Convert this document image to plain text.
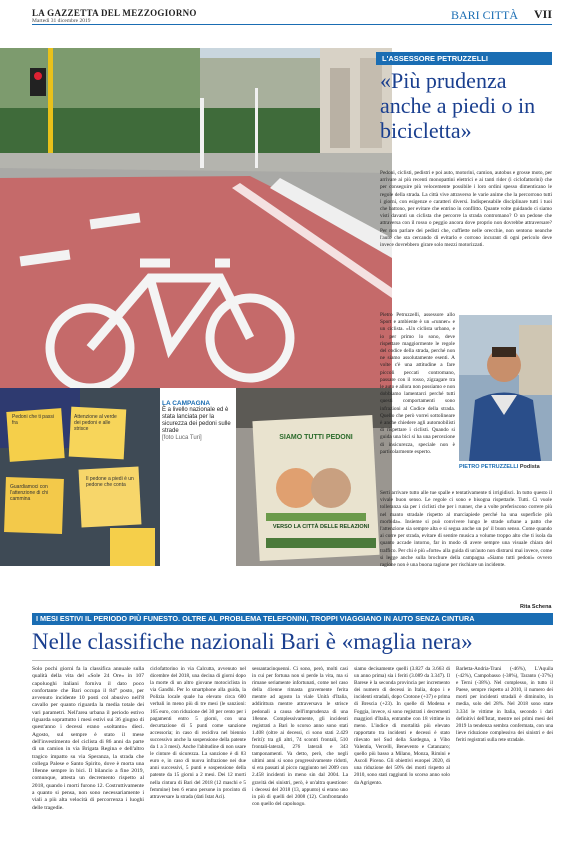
LA GAZZETTA DEL MEZZOGIORNO
Martedì 31 dicembre 2019	BARI CITTÀ VII
Pedoni che ti passi fra
Attenzione al verde dei pedoni e alle strisce
Guardiamoci con l'attenzione di chi cammina
Il pedone a piedi è un pedone che conta
LA CAMPAGNA
È a livello nazionale ed è stata lanciata per la sicurezza dei pedoni sulle strade
[foto Luca Turi]	SIAMO TUTTI PEDONI
VERSO LA CITTÀ DELLE RELAZIONI
L'ASSESSORE PETRUZZELLI
«Più prudenza anche a piedi o in bicicletta»
Pedoni, ciclisti, pedistri e poi auto, motorini, camion, autobus e grosse moto, per arrivare ai più recenti monopattini elettrici e ai tanti rider (i ciclofattorini) che per conseguire più velocemente possibile i loro ordini spesso dimenticano le regole della strada. La città vive attraverso le varie anime che la percorrono tutti i giorni, con esigenze e caratteri diversi. Indispensabile disciplinare tutti i tuoi che battono, per evitare che entrino in conflitto. Quante volte guidando ci siamo visti davanti un ciclista che percorre la strada contromano? O un pedone che attraversa con il rosso o peggio ancora dove proprio non dovrebbe attraversare? Per non parlare dei pedisti che, cuffiette nelle orecchie, non sentono neanche l'auto che sta cercando di evitarlo e corrono incurant di ogni pericolo deve invece dovrebbero girare solo mezzi motorizzati.
Pietro Petruzzelli, assessore allo Sport e ambiente è un «runner» e un ciclista. «Un ciclista urbano, e io per primo lo sono, deve rispettare maggiormente le regole del codice della strada, perché non ne siamo assolutamente esenti. A volte c'è una attitudine a fare piccoli peccati contromano, passare con il rosso, zigzagare tra le auto e allora non possiamo e non dobbiamo lamentarci perché tutti questi comportamenti sono infrazioni al Codice della strada. Quello che però vorrei sottolineare è anche chiedere agli automobilisti di rispettare i ciclisti. Quando si guida una bici si ha una percezione di insicurezza, speciale non è particolarmente esperto.
PIETRO PETRUZZELLI Podista
Serti arrivare tutto alle tue spalle e tentativamente ti irrigidisci. In tutto questo il vivale buon senso. Le regole ci sono e bisogna rispettarle. Tutti. Ci vuole tolleranza sia per i ciclisti che per i runner, che a volte preferiscono correre più nel manto stradale rispetto al marciapiede perché ha una superficie più morbida». Insieme si può convivere lungo le strade urbane a patto che l'attenzione sia sempre alta e si segua anche un po' il buon senso. Come quando ai corre per strada, evitare di sentire musica a volume troppo alto che ti isola da quanto accade intorno, far in modo di avere sempre una visuale chiara del traffico. Per chi è più «forte» alla guida di un'auto non distrarsi mai invece, come si legge anche sulla brochure della campagna «Siamo tutti pedoni» ovvero ragione non è una buona ragione per rischiare un incidente.
Rita Schena
I MESI ESTIVI IL PERIODO PIÙ FUNESTO. OLTRE AL PROBLEMA TELEFONINI, TROPPI VIAGGIANO IN AUTO SENZA CINTURA
Nelle classifiche nazionali Bari è «maglia nera»
Solo pochi giorni fa la classifica annuale sulla qualità della vita del «Sole 24 Ore» in 107 capoluoghi italiani forniva il dato poco confortante che Bari occupa il 84° posto, per avvenuto incidente 10 posti col abusivo nell'8 cavallo per quanto riguarda la media totale dei vari parametri. Nell'area urbana il periodo estivo riguarda soprattutto i mesi estivi sui 36 giugno di quest'anno i decessi erano «soltanto» dieci. Agosto, sul sempre è stato il mese dell'investimento del ciclista di 86 anni da parte di un camion in via Brigata Regina e dell'altro tragico impatto su via Speranza, la strada che collega Palese e Santo Spirito, dove è morta una 18enne sempre in bici. Il bilancio a fine 2019, comunque, attesta un decremento rispetto al 2018, quando i morti furono 12. Costruttivamente a quanto si pensa, non sono necessariamente i viali a più alta velocità di percorrenza i luoghi delle tragedie.
ciclofattorino in via Calcutta, avvenuto nel dicembre del 2018, una decina di giorni dopo la morte di un altro giovane motociclista in via Gandhi. Per lo smartphone alla guida, la Polizia locale quale ha elevato circa 600 verbali in meno più di tre mesi (le sanzioni: 165 euro, con riduzione del 30 per cento per i pagamenti entro 5 giorni, con una decurtazione di 5 punti come sanzione accessoria; in caso di recidiva nel biennio successivo anche la sospensione della patente da 1 a 3 mesi). Anche l'abitudine di non usare le cinture di sicurezza. La sanzione è di 83 euro e, in caso di nuova infrazione nei due anni successivi, 5 punti e sospensione della patente da 15 giorni a 2 mesi. Dei 12 morti nella cintura di Bari del 2018 (12 maschi e 5 femmine) ben 6 erano persone in procinto di attraversare la strada (dati Istat Aci).
sessantacinquenni. Ci sono, però, molti casi in cui per fortuna non si perde la vita, ma si rimane seriamente infortunati, come nel caso della 41enne rimasta gravemente ferita mentre ad agosto la viale Unità d'Italia, addirittura mentre attraversava le strisce pedonali a causa dell'imprudenza di una 18enne. Complessivamente, gli incidenti registrati a Bari lo scorso anno sono stati 1.408 (oltre ai decessi, ci sono stati 2.429 feriti): tra gli altri, 74 scontri frontali, 510 frontali-laterali, 276 laterali e 343 tamponamenti. Va detto, però, che negli ultimi anni si sono progressivamente ridotti, si era passati al picco raggiunto nel 2009 con 2.458 incidenti in meno sin dal 2004. La gravità dei sinistri, però, è un'altra questione: i decessi del 2018 (13, appunto) si erano uno in più di quelli del 2008 (12). Confrontando con quello del capoluogo.
siamo decisamente quelli (3.827 da 3.663 di un anno prima) sia i feriti (3.089 da 3.347). Il Barese è la seconda provincia per incremento dei numero di decessi in Italia, dopo i e incidenti stradali, dopo Crotone (+37) e prima di Brescia (+23). In quelle di Modena e Foggia, invece, si sono registrati i decrementi maggiori d'Italia, entrambe con 18 vittime in meno. L'indice di mortalità più elevato rapportato tra incidenti e decessi è stato rilevato nel Sud della Sardegna, a Vibo Valentia, Vercelli, Benevento e Catanzaro; quello più basso a Milano, Monza, Rimini e Ascoli Piceno. Gli obiettivi europei 2020, di una riduzione del 50% dei morti rispetto al 2010, sono stati raggiunti lo scorso anno solo da Agrigento.
Barletta-Andria-Trani (-46%), L'Aquila (-42%), Campobasso (-38%), Taranto (-37%) e Terni (-38%). Nel complesso, in tutto il Paese, sempre rispetto al 2010, il numero dei morti per incidenti stradali è diminuito, in media, solo del 28%. Nel 2018 sono state 3.334 le vittime in Italia, secondo i dati definitivi dell'Istat, mentre nei primi mesi del 2019 la tendenza sembra confermata, con una lieve riduzione complessiva dei sinistri e dei feriti registrati sulla rete stradale.
